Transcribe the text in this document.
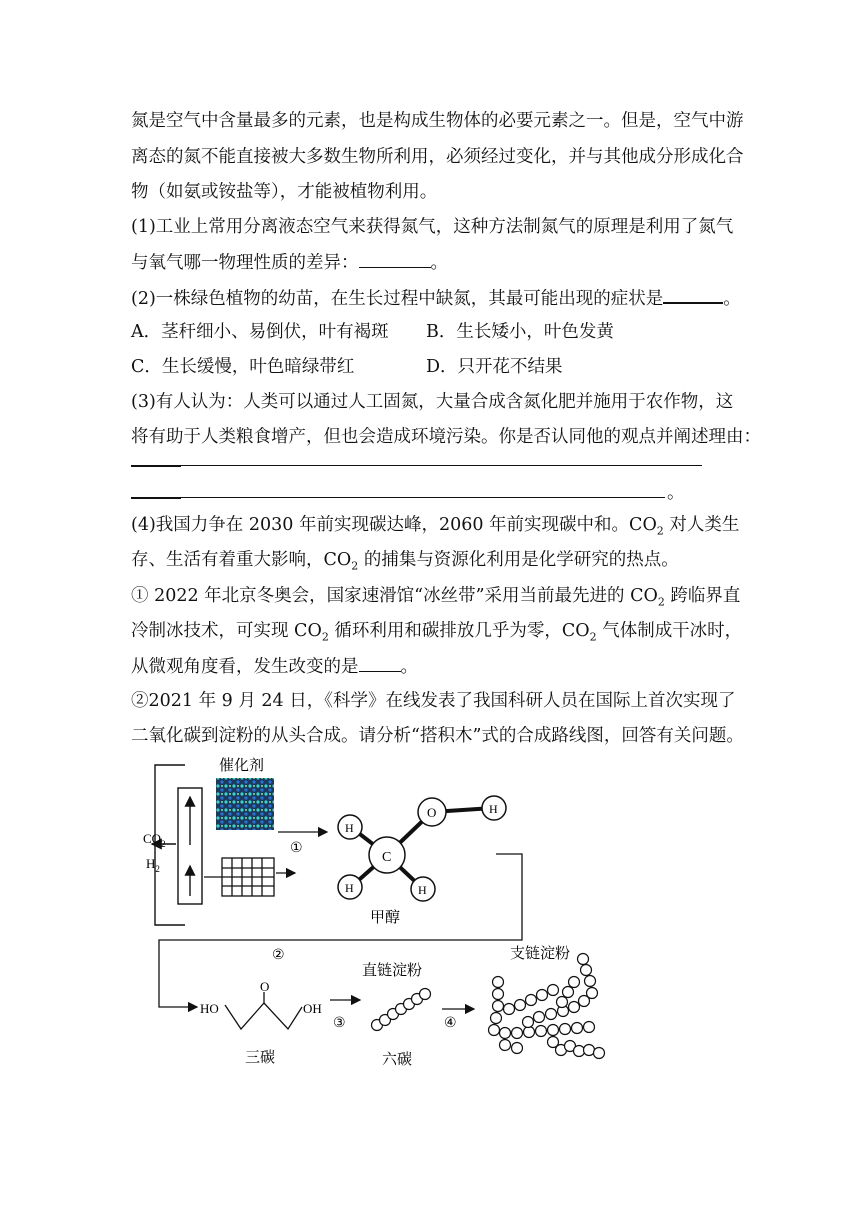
氮是空气中含量最多的元素，也是构成生物体的必要元素之一。但是，空气中游
离态的氮不能直接被大多数生物所利用，必须经过变化，并与其他成分形成化合
物（如氨或铵盐等），才能被植物利用。
(1)工业上常用分离液态空气来获得氮气，这种方法制氮气的原理是利用了氮气
与氧气哪一物理性质的差异：	。
(2)一株绿色植物的幼苗，在生长过程中缺氮，其最可能出现的症状是	。
A．茎秆细小、易倒伏，叶有褐斑 B．生长矮小，叶色发黄
C．生长缓慢，叶色暗绿带红	D．只开花不结果
(3)有人认为：人类可以通过人工固氮，大量合成含氮化肥并施用于农作物，这
将有助于人类粮食增产，但也会造成环境污染。你是否认同他的观点并阐述理由：
。
(4)我国力争在 2030 年前实现碳达峰，2060 年前实现碳中和。$CO_2$ 对人类生
存、生活有着重大影响，$CO_2$ 的捕集与资源化利用是化学研究的热点。
① 2022 年北京冬奥会，国家速滑馆“冰丝带”采用当前最先进的 $CO_2$ 跨临界直
冷制冰技术，可实现 $CO_2$ 循环利用和碳排放几乎为零，$CO_2$ 气体制成干冰时，
从微观角度看，发生改变的是 。
②2021 年 9 月 24 日，《科学》在线发表了我国科研人员在国际上首次实现了
二氧化碳到淀粉的从头合成。请分析“搭积木”式的合成路线图，回答有关问题。
$CO_2$
$H_2$
催化剂
①
C
O
H
H	H
H
甲醇
②
HO
O
OH
三碳
③
直链淀粉
六碳
④
支链淀粉
